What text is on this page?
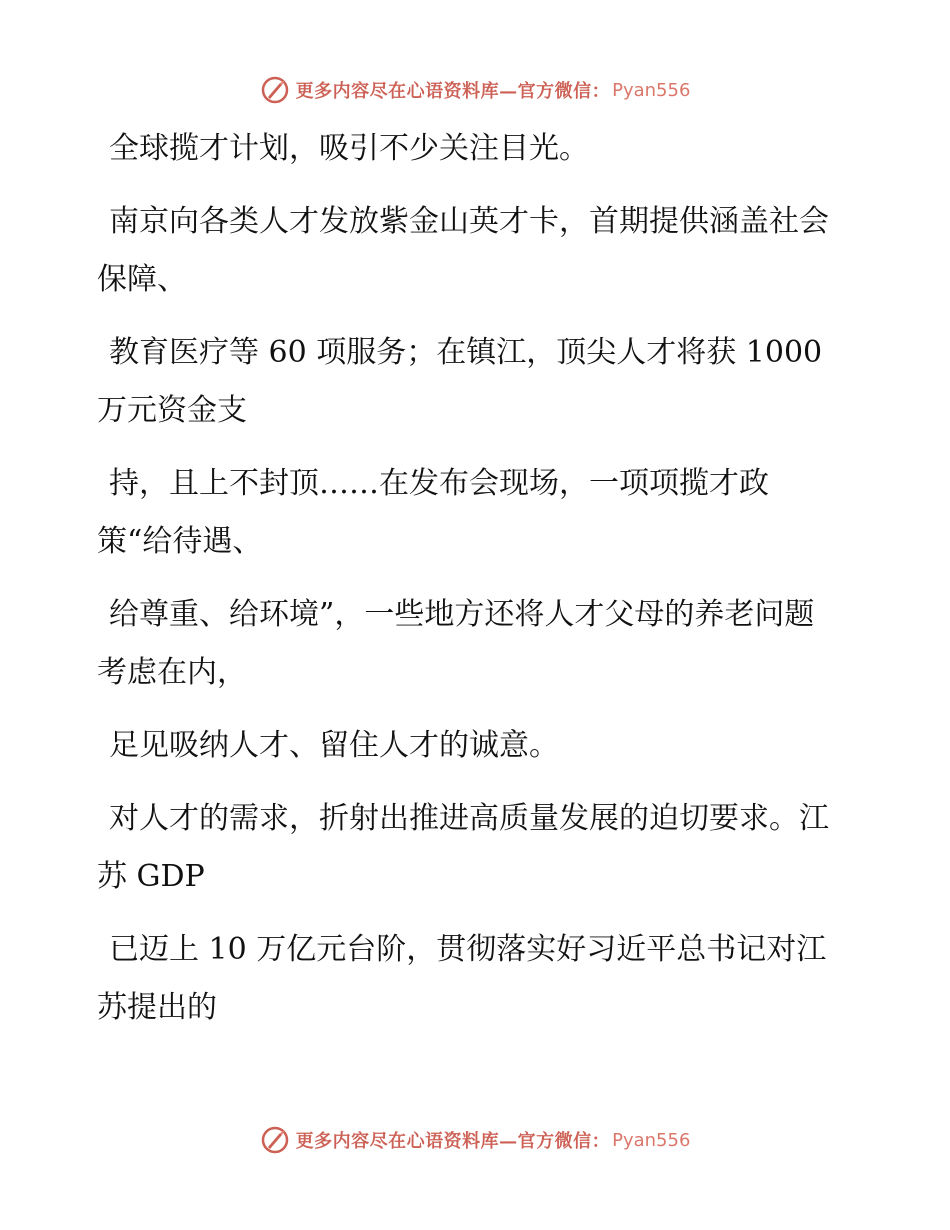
更多内容尽在心语资料库—官方微信： Pyan556

全球揽才计划，吸引不少关注目光。

南京向各类人才发放紫金山英才卡，首期提供涵盖社会保障、

教育医疗等 60 项服务；在镇江，顶尖人才将获 1000 万元资金支

持，且上不封顶……在发布会现场，一项项揽才政策“给待遇、

给尊重、给环境”，一些地方还将人才父母的养老问题考虑在内，

足见吸纳人才、留住人才的诚意。

对人才的需求，折射出推进高质量发展的迫切要求。江苏 GDP

已迈上 10 万亿元台阶，贯彻落实好习近平总书记对江苏提出的

更多内容尽在心语资料库—官方微信： Pyan556
